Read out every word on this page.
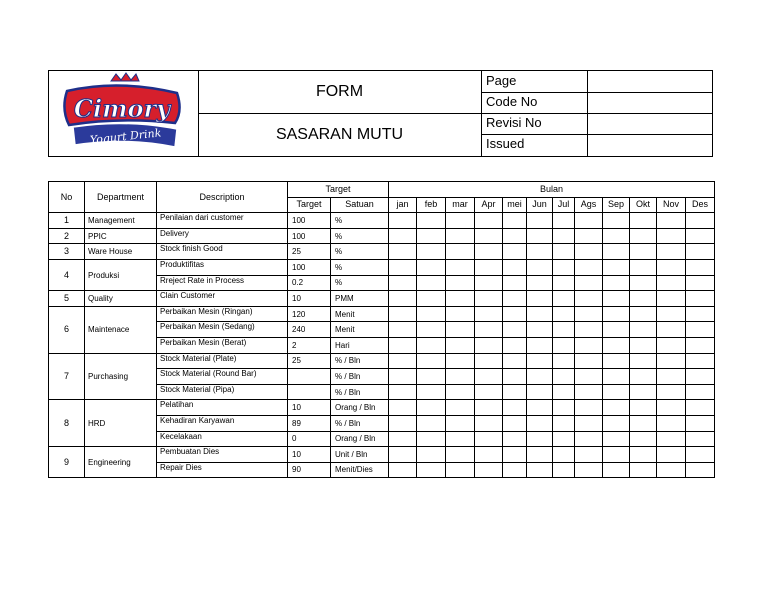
Cimory
Yogurt Drink
FORM
SASARAN MUTU
Page
Code No
Revisi No
Issued
No	Department	Description	Target		Bulan											
			Target	Satuan	jan	feb	mar	Apr	mei	Jun	Jul	Ags	Sep	Okt	Nov	Des
1	Management	Penilaian dari customer	100	%												
2	PPIC	Delivery	100	%												
3	Ware House	Stock finish Good	25	%												
4	Produksi	Produktifitas	100	%												
		Rreject Rate in Process	0.2	%												
5	Quality	Clain Customer	10	PMM												
6	Maintenace	Perbaikan Mesin (Ringan)	120	Menit												
		Perbaikan Mesin (Sedang)	240	Menit												
		Perbaikan Mesin (Berat)	2	Hari												
7	Purchasing	Stock Material (Plate)	25	% / Bln												
		Stock Material (Round Bar)		% / Bln												
		Stock Material (Pipa)		% / Bln												
8	HRD	Pelatihan	10	Orang / Bln												
		Kehadiran Karyawan	89	% / Bln												
		Kecelakaan	0	Orang / Bln												
9	Engineering	Pembuatan Dies	10	Unit / Bln												
		Repair Dies	90	Menit/Dies												
